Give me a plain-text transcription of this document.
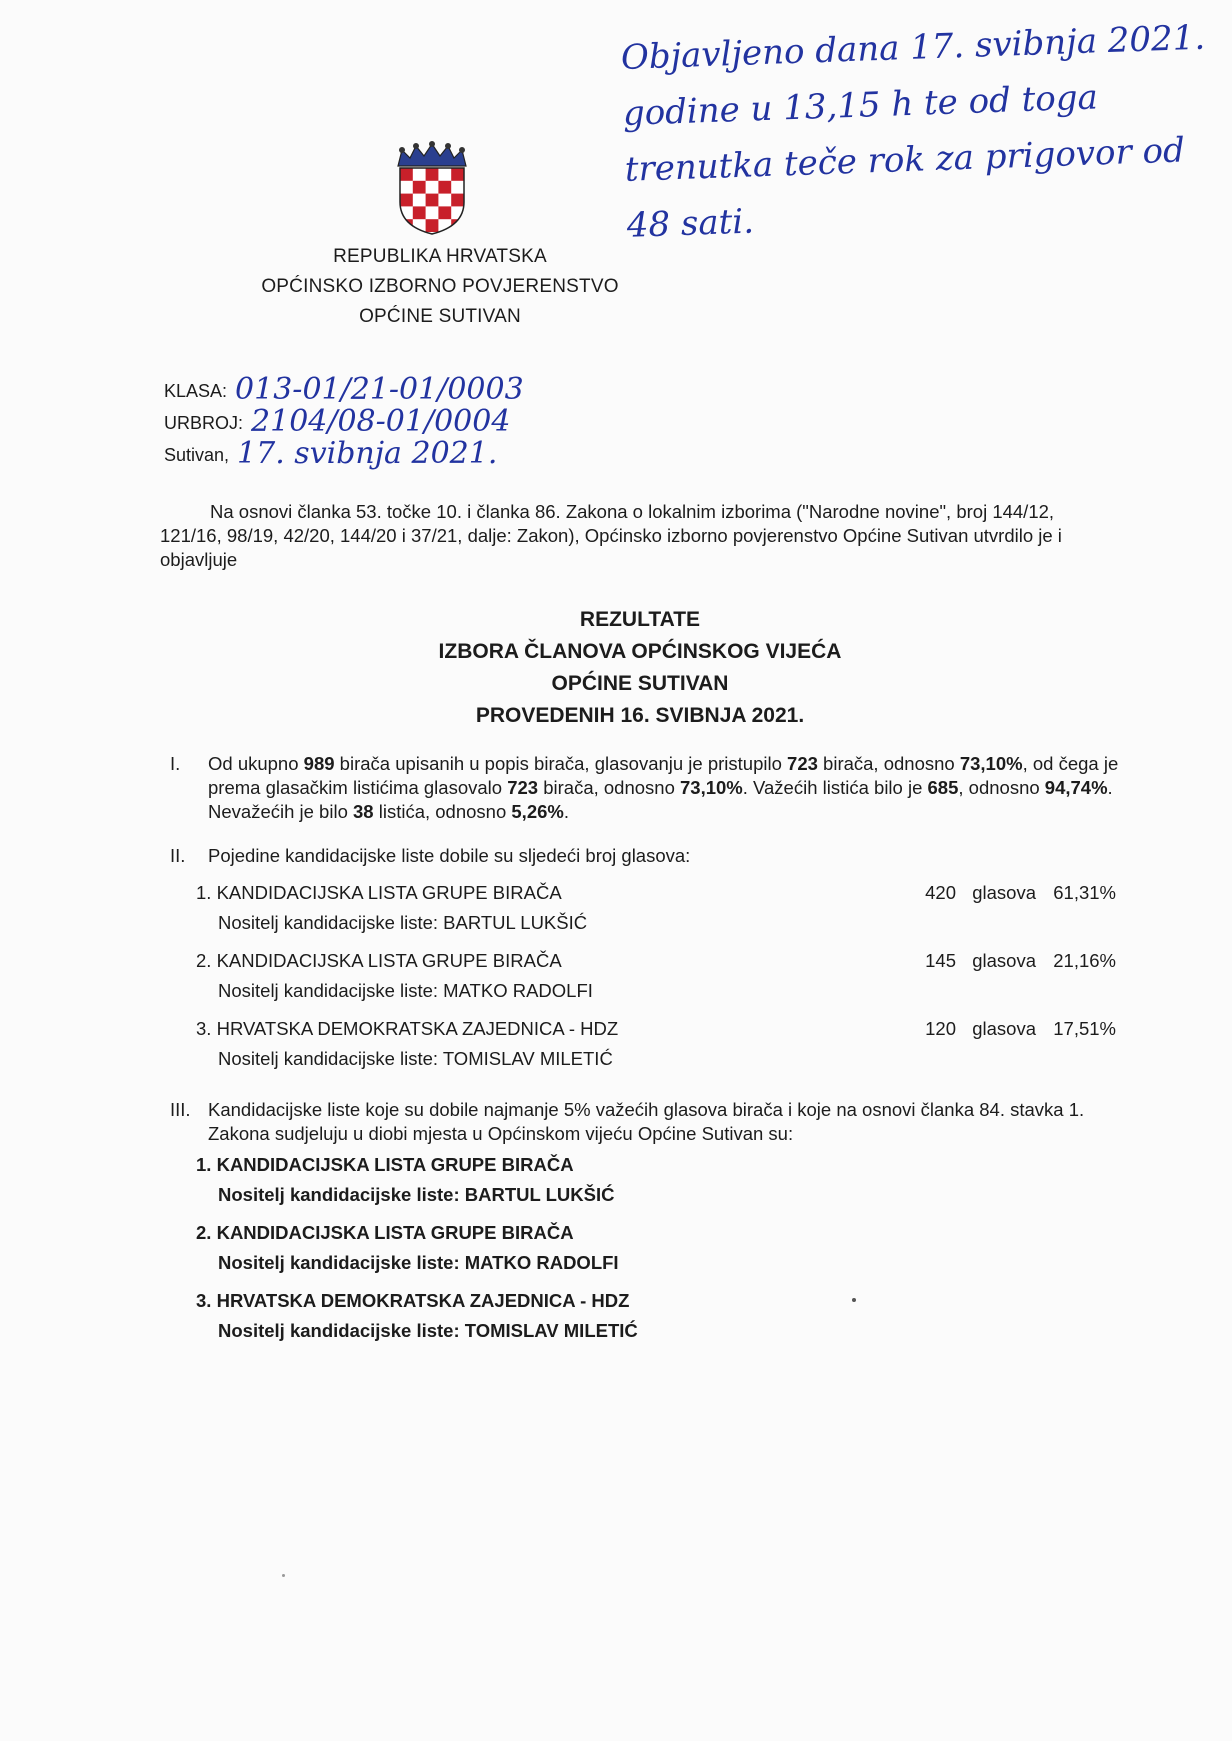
Objavljeno dana 17. svibnja 2021.
godine u 13,15 h te od toga
trenutka teče rok za prigovor od
48 sati.
REPUBLIKA HRVATSKA
OPĆINSKO IZBORNO POVJERENSTVO
OPĆINE SUTIVAN
KLASA: 013-01/21-01/0003
URBROJ: 2104/08-01/0004
Sutivan, 17. svibnja 2021.
Na osnovi članka 53. točke 10. i članka 86. Zakona o lokalnim izborima ("Narodne novine", broj 144/12, 121/16, 98/19, 42/20, 144/20 i 37/21, dalje: Zakon), Općinsko izborno povjerenstvo Općine Sutivan utvrdilo je i objavljuje
REZULTATE
IZBORA ČLANOVA OPĆINSKOG VIJEĆA
OPĆINE SUTIVAN
PROVEDENIH 16. SVIBNJA 2021.
I. Od ukupno 989 birača upisanih u popis birača, glasovanju je pristupilo 723 birača, odnosno 73,10%, od čega je prema glasačkim listićima glasovalo 723 birača, odnosno 73,10%. Važećih listića bilo je 685, odnosno 94,74%. Nevažećih je bilo 38 listića, odnosno 5,26%.
II. Pojedine kandidacijske liste dobile su sljedeći broj glasova:
1.
KANDIDACIJSKA LISTA GRUPE BIRAČA	420 glasova 61,31%
Nositelj kandidacijske liste: BARTUL LUKŠIĆ
2.
KANDIDACIJSKA LISTA GRUPE BIRAČA	145 glasova 21,16%
Nositelj kandidacijske liste: MATKO RADOLFI
3.
HRVATSKA DEMOKRATSKA ZAJEDNICA - HDZ	120 glasova 17,51%
Nositelj kandidacijske liste: TOMISLAV MILETIĆ
III. Kandidacijske liste koje su dobile najmanje 5% važećih glasova birača i koje na osnovi članka 84. stavka 1. Zakona sudjeluju u diobi mjesta u Općinskom vijeću Općine Sutivan su:
1. KANDIDACIJSKA LISTA GRUPE BIRAČA
Nositelj kandidacijske liste: BARTUL LUKŠIĆ
2. KANDIDACIJSKA LISTA GRUPE BIRAČA
Nositelj kandidacijske liste: MATKO RADOLFI
3. HRVATSKA DEMOKRATSKA ZAJEDNICA - HDZ
Nositelj kandidacijske liste: TOMISLAV MILETIĆ
